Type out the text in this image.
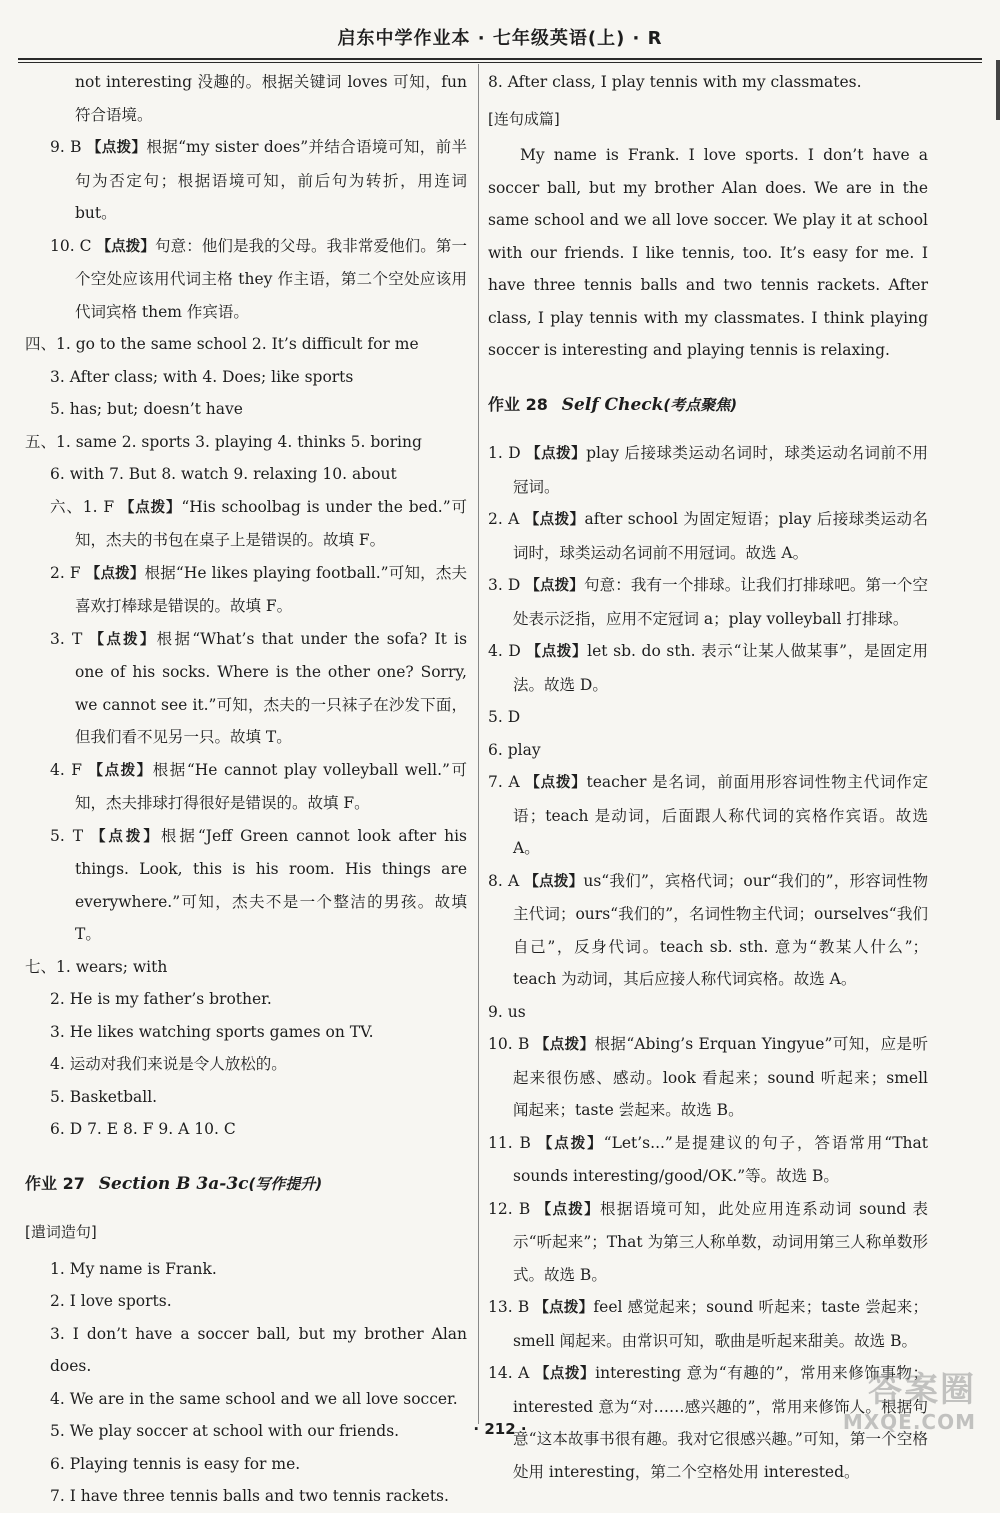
启东中学作业本 · 七年级英语(上) · R

not interesting 没趣的。根据关键词 loves 可知，fun 符合语境。

9. B 【点拨】根据“my sister does”并结合语境可知，前半句为否定句；根据语境可知，前后句为转折，用连词 but。

10. C 【点拨】句意：他们是我的父母。我非常爱他们。第一个空处应该用代词主格 they 作主语，第二个空处应该用代词宾格 them 作宾语。

四、1. go to the same school 2. It’s difficult for me

3. After class; with 4. Does; like sports

5. has; but; doesn’t have

五、1. same 2. sports 3. playing 4. thinks 5. boring

6. with 7. But 8. watch 9. relaxing 10. about

六、1. F 【点拨】“His schoolbag is under the bed.”可知，杰夫的书包在桌子上是错误的。故填 F。

2. F 【点拨】根据“He likes playing football.”可知，杰夫喜欢打棒球是错误的。故填 F。

3. T 【点拨】根据“What’s that under the sofa? It is one of his socks. Where is the other one? Sorry, we cannot see it.”可知，杰夫的一只袜子在沙发下面，但我们看不见另一只。故填 T。

4. F 【点拨】根据“He cannot play volleyball well.”可知，杰夫排球打得很好是错误的。故填 F。

5. T 【点拨】根据“Jeff Green cannot look after his things. Look, this is his room. His things are everywhere.”可知，杰夫不是一个整洁的男孩。故填 T。

七、1. wears; with

2. He is my father’s brother.

3. He likes watching sports games on TV.

4. 运动对我们来说是令人放松的。

5. Basketball.

6. D 7. E 8. F 9. A 10. C

作业 27 Section B 3a-3c(写作提升)
[遣词造句]

1. My name is Frank.

2. I love sports.

3. I don’t have a soccer ball, but my brother Alan does.

4. We are in the same school and we all love soccer.

5. We play soccer at school with our friends.

6. Playing tennis is easy for me.

7. I have three tennis balls and two tennis rackets.

8. After class, I play tennis with my classmates.

[连句成篇]

My name is Frank. I love sports. I don’t have a soccer ball, but my brother Alan does. We are in the same school and we all love soccer. We play it at school with our friends. I like tennis, too. It’s easy for me. I have three tennis balls and two tennis rackets. After class, I play tennis with my classmates. I think playing soccer is interesting and playing tennis is relaxing.

作业 28 Self Check(考点聚焦)

1. D 【点拨】play 后接球类运动名词时，球类运动名词前不用冠词。

2. A 【点拨】after school 为固定短语；play 后接球类运动名词时，球类运动名词前不用冠词。故选 A。

3. D 【点拨】句意：我有一个排球。让我们打排球吧。第一个空处表示泛指，应用不定冠词 a；play volleyball 打排球。

4. D 【点拨】let sb. do sth. 表示“让某人做某事”，是固定用法。故选 D。

5. D

6. play

7. A 【点拨】teacher 是名词，前面用形容词性物主代词作定语；teach 是动词，后面跟人称代词的宾格作宾语。故选 A。

8. A 【点拨】us“我们”，宾格代词；our“我们的”，形容词性物主代词；ours“我们的”，名词性物主代词；ourselves“我们自己”，反身代词。teach sb. sth. 意为“教某人什么”；teach 为动词，其后应接人称代词宾格。故选 A。

9. us

10. B 【点拨】根据“Abing’s Erquan Yingyue”可知，应是听起来很伤感、感动。look 看起来；sound 听起来；smell 闻起来；taste 尝起来。故选 B。

11. B 【点拨】“Let’s...”是提建议的句子，答语常用“That sounds interesting/good/OK.”等。故选 B。

12. B 【点拨】根据语境可知，此处应用连系动词 sound 表示“听起来”；That 为第三人称单数，动词用第三人称单数形式。故选 B。

13. B 【点拨】feel 感觉起来；sound 听起来；taste 尝起来；smell 闻起来。由常识可知，歌曲是听起来甜美。故选 B。

14. A 【点拨】interesting 意为“有趣的”，常用来修饰事物；interested 意为“对……感兴趣的”，常用来修饰人。根据句意“这本故事书很有趣。我对它很感兴趣。”可知，第一个空格处用 interesting，第二个空格处用 interested。

· 212 ·
答案圈
MXQE.COM
